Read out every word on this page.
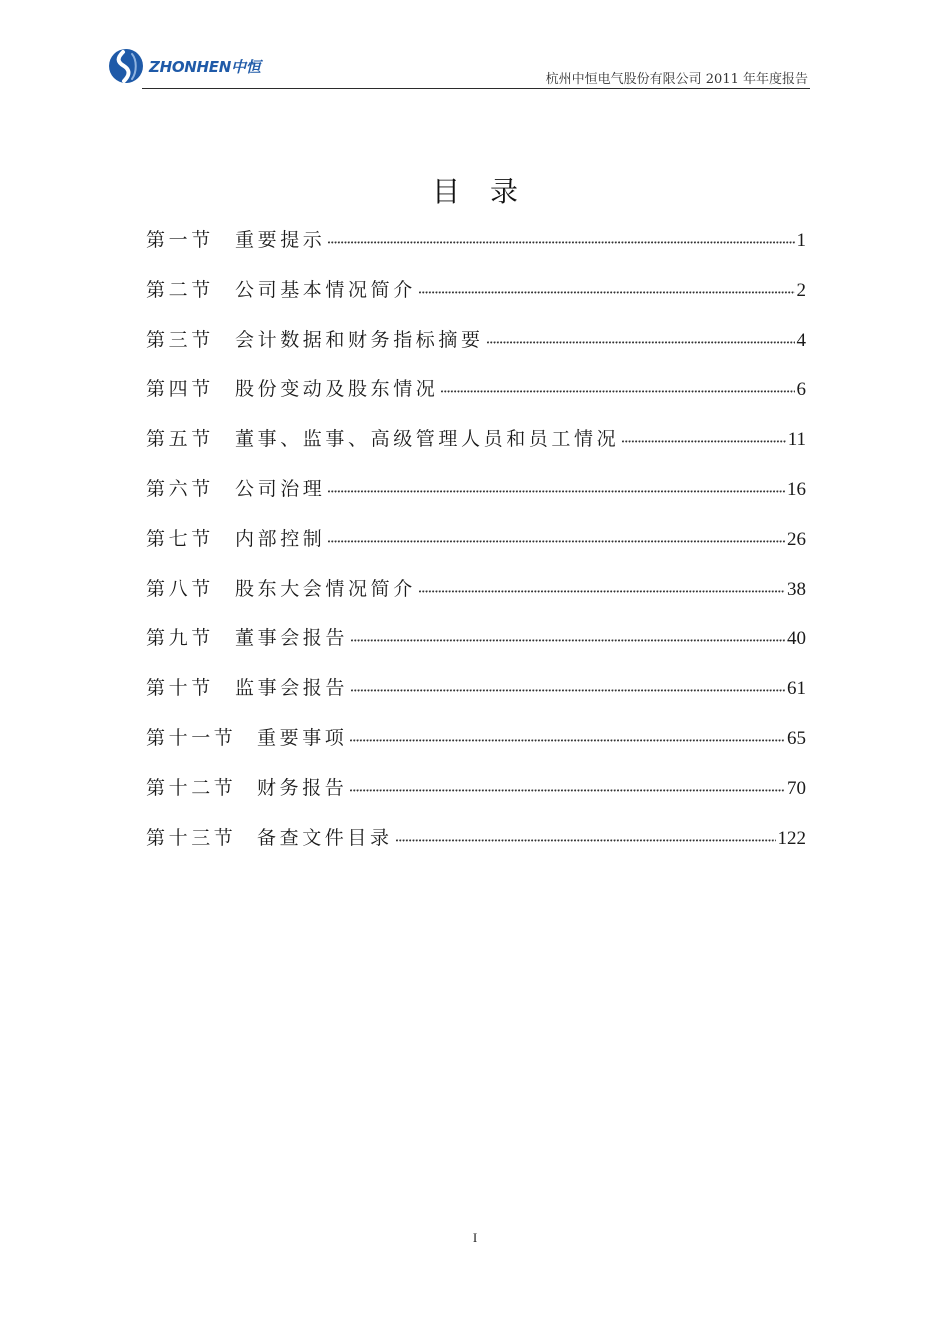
ZHONHEN中恒
杭州中恒电气股份有限公司 2011 年年度报告
目录
第一节	重要提示	1
第二节	公司基本情况简介	2
第三节	会计数据和财务指标摘要	4
第四节	股份变动及股东情况	6
第五节	董事、监事、高级管理人员和员工情况	11
第六节	公司治理	16
第七节	内部控制	26
第八节	股东大会情况简介	38
第九节	董事会报告	40
第十节	监事会报告	61
第十一节	重要事项	65
第十二节	财务报告	70
第十三节	备查文件目录	122
I
